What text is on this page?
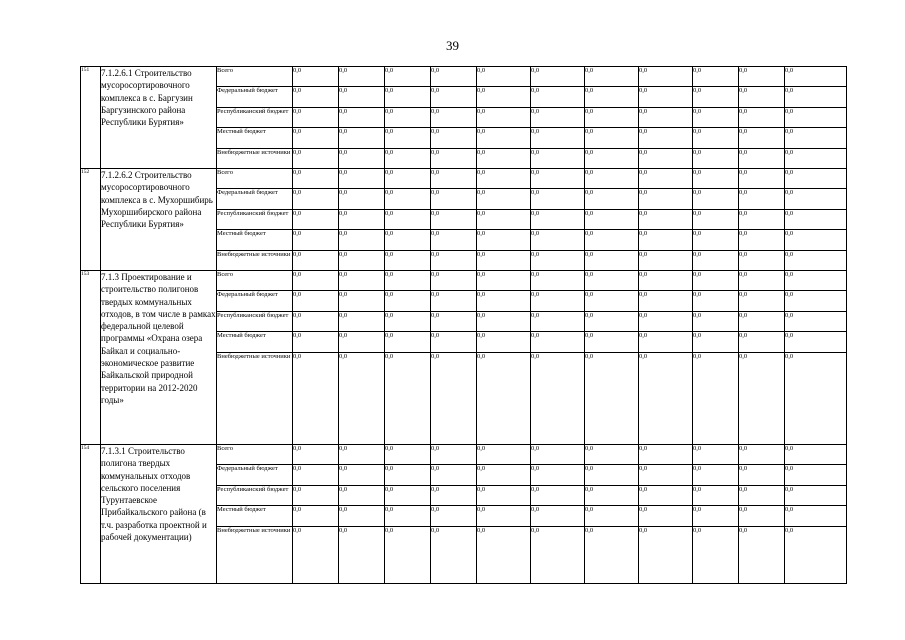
39
151	7.1.2.6.1 Строительство мусоросортировочного комплекса в с. Баргузин Баргузинского района Республики Бурятия»	Всего	0,0	0,0	0,0	0,0	0,0	0,0	0,0	0,0	0,0	0,0	0,0
		Федеральный бюджет	0,0	0,0	0,0	0,0	0,0	0,0	0,0	0,0	0,0	0,0	0,0
		Республиканский бюджет	0,0	0,0	0,0	0,0	0,0	0,0	0,0	0,0	0,0	0,0	0,0
		Местный бюджет	0,0	0,0	0,0	0,0	0,0	0,0	0,0	0,0	0,0	0,0	0,0
		Внебюджетные источники	0,0	0,0	0,0	0,0	0,0	0,0	0,0	0,0	0,0	0,0	0,0
152	7.1.2.6.2 Строительство мусоросортировочного комплекса в с. Мухоршибирь Мухоршибирского района Республики Бурятия»	Всего	0,0	0,0	0,0	0,0	0,0	0,0	0,0	0,0	0,0	0,0	0,0
		Федеральный бюджет	0,0	0,0	0,0	0,0	0,0	0,0	0,0	0,0	0,0	0,0	0,0
		Республиканский бюджет	0,0	0,0	0,0	0,0	0,0	0,0	0,0	0,0	0,0	0,0	0,0
		Местный бюджет	0,0	0,0	0,0	0,0	0,0	0,0	0,0	0,0	0,0	0,0	0,0
		Внебюджетные источники	0,0	0,0	0,0	0,0	0,0	0,0	0,0	0,0	0,0	0,0	0,0
153	7.1.3 Проектирование и строительство полигонов твердых коммунальных отходов, в том числе в рамках федеральной целевой программы «Охрана озера Байкал и социально-экономическое развитие Байкальской природной территории на 2012-2020 годы»	Всего	0,0	0,0	0,0	0,0	0,0	0,0	0,0	0,0	0,0	0,0	0,0
		Федеральный бюджет	0,0	0,0	0,0	0,0	0,0	0,0	0,0	0,0	0,0	0,0	0,0
		Республиканский бюджет	0,0	0,0	0,0	0,0	0,0	0,0	0,0	0,0	0,0	0,0	0,0
		Местный бюджет	0,0	0,0	0,0	0,0	0,0	0,0	0,0	0,0	0,0	0,0	0,0
		Внебюджетные источники	0,0	0,0	0,0	0,0	0,0	0,0	0,0	0,0	0,0	0,0	0,0
154	7.1.3.1 Строительство полигона твердых коммунальных отходов сельского поселения Турунтаевское Прибайкальского района (в т.ч. разработка проектной и рабочей документации)	Всего	0,0	0,0	0,0	0,0	0,0	0,0	0,0	0,0	0,0	0,0	0,0
		Федеральный бюджет	0,0	0,0	0,0	0,0	0,0	0,0	0,0	0,0	0,0	0,0	0,0
		Республиканский бюджет	0,0	0,0	0,0	0,0	0,0	0,0	0,0	0,0	0,0	0,0	0,0
		Местный бюджет	0,0	0,0	0,0	0,0	0,0	0,0	0,0	0,0	0,0	0,0	0,0
		Внебюджетные источники	0,0	0,0	0,0	0,0	0,0	0,0	0,0	0,0	0,0	0,0	0,0
